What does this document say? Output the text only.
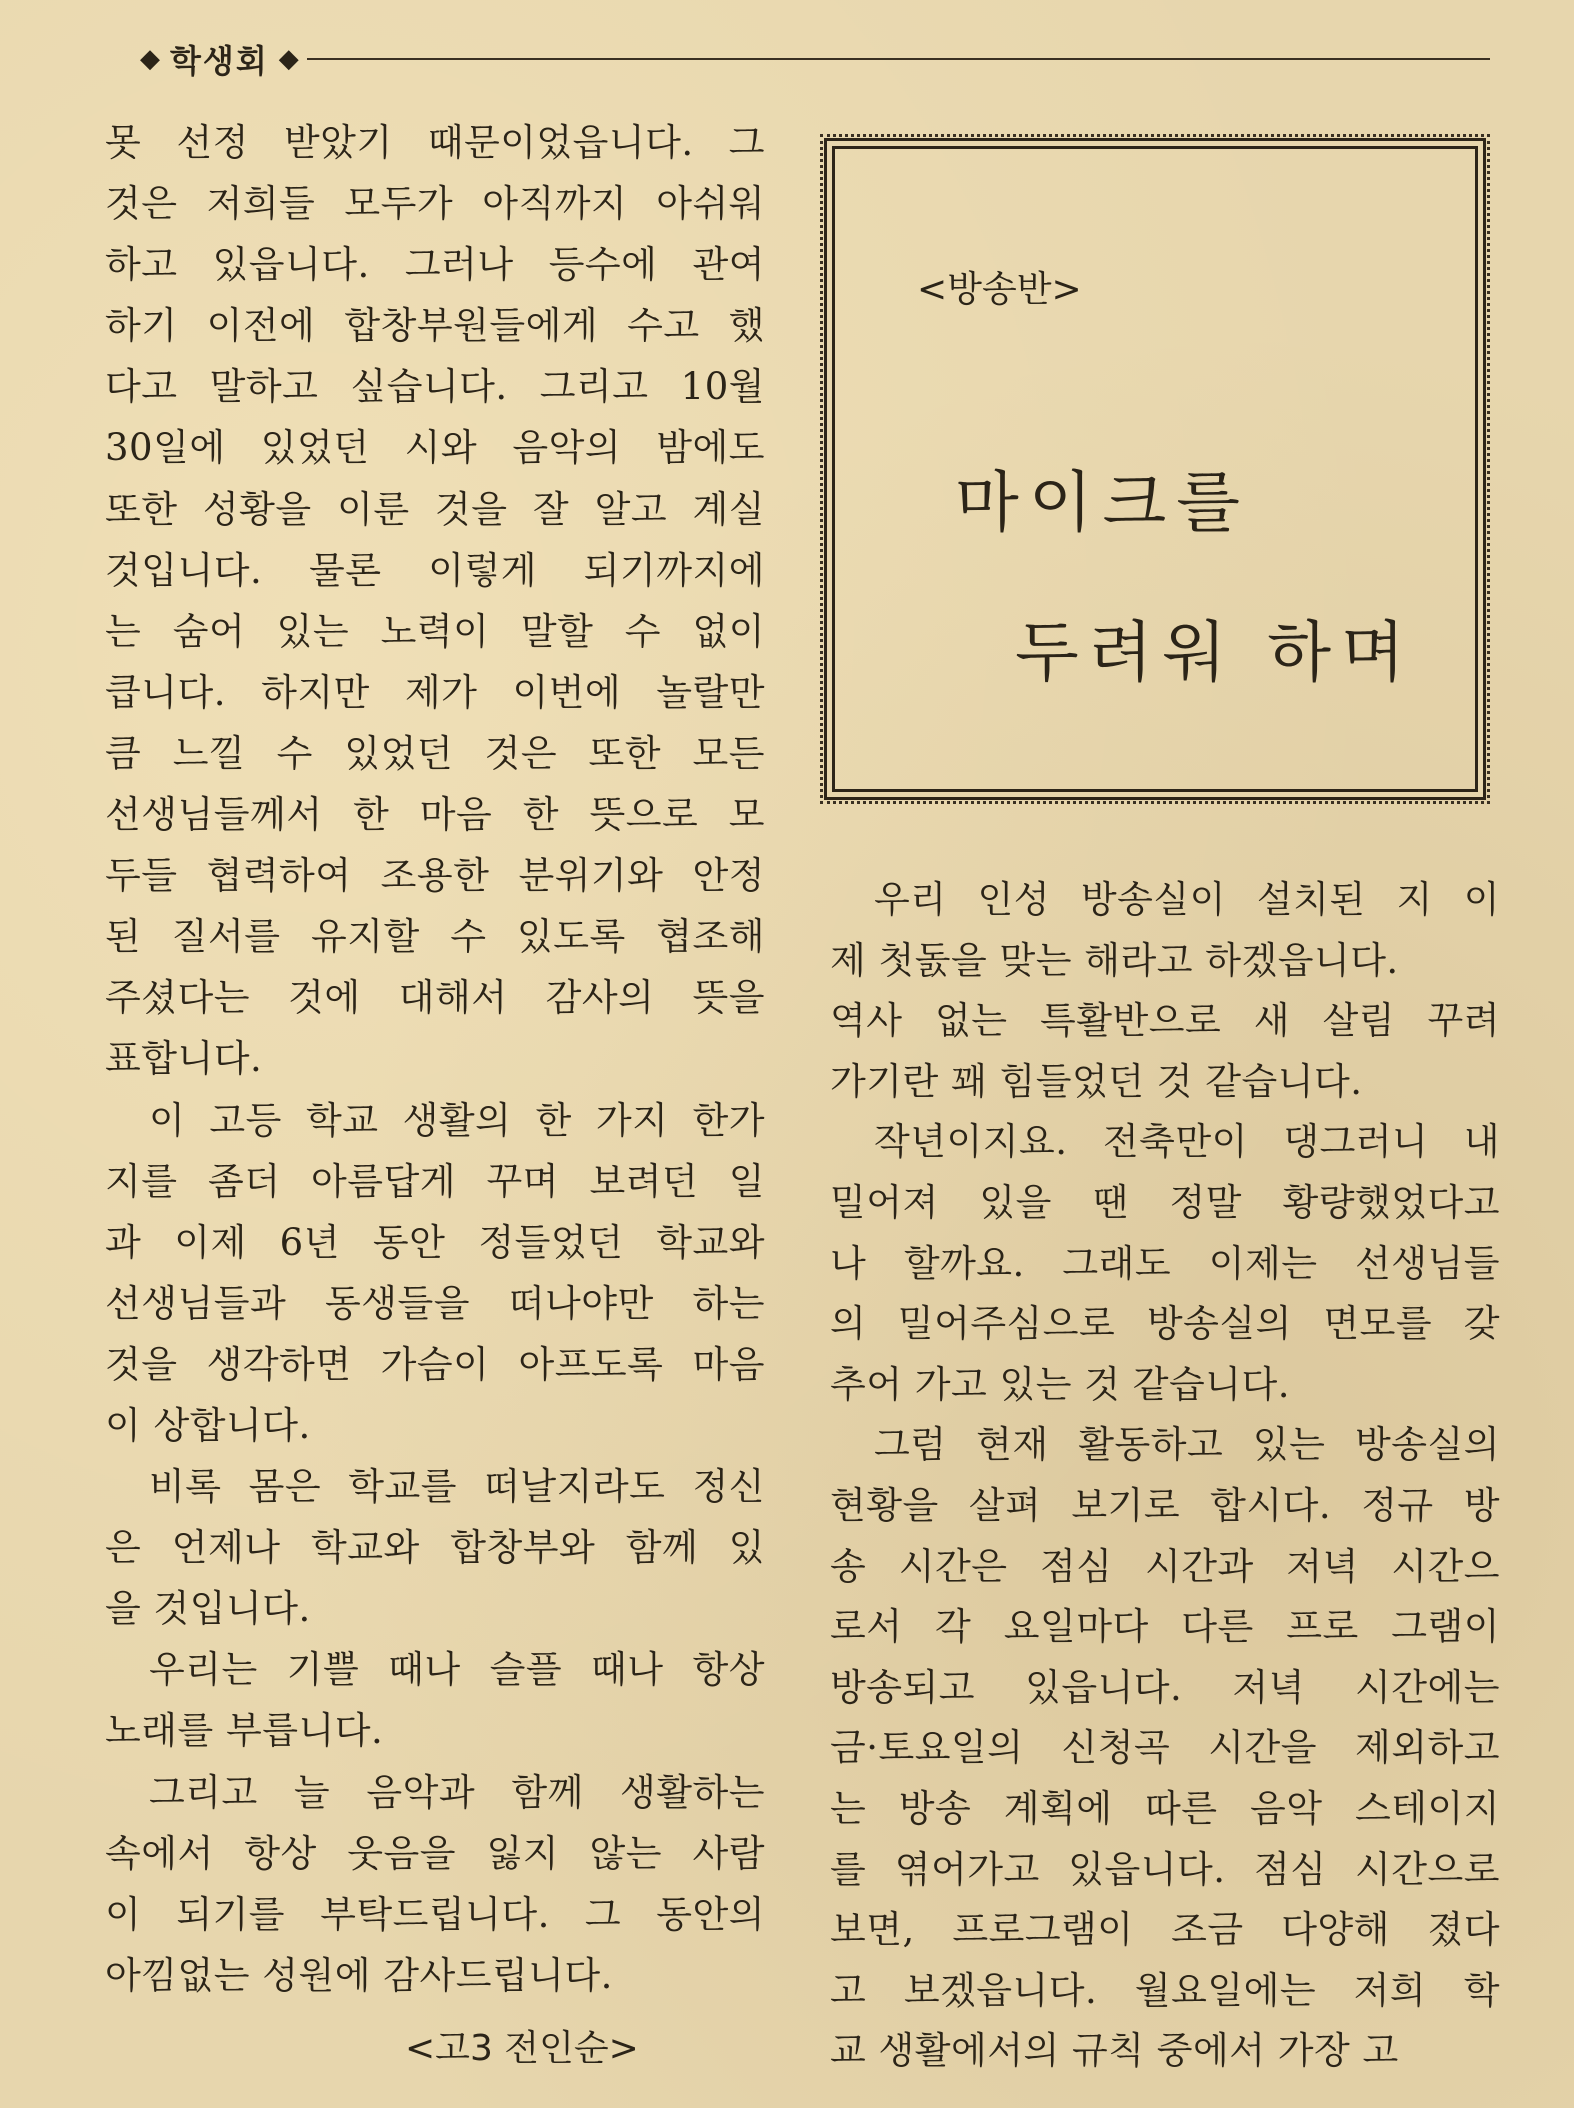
◆ 학생회 ◆
못 선정 받았기 때문이었읍니다. 그
것은 저희들 모두가 아직까지 아쉬워
하고 있읍니다. 그러나 등수에 관여
하기 이전에 합창부원들에게 수고 했
다고 말하고 싶습니다. 그리고 10월
30일에 있었던 시와 음악의 밤에도
또한 성황을 이룬 것을 잘 알고 계실
것입니다. 물론 이렇게 되기까지에
는 숨어 있는 노력이 말할 수 없이
큽니다. 하지만 제가 이번에 놀랄만
큼 느낄 수 있었던 것은 또한 모든
선생님들께서 한 마음 한 뜻으로 모
두들 협력하여 조용한 분위기와 안정
된 질서를 유지할 수 있도록 협조해
주셨다는 것에 대해서 감사의 뜻을
표합니다.
이 고등 학교 생활의 한 가지 한가
지를 좀더 아름답게 꾸며 보려던 일
과 이제 6년 동안 정들었던 학교와
선생님들과 동생들을 떠나야만 하는
것을 생각하면 가슴이 아프도록 마음
이 상합니다.
비록 몸은 학교를 떠날지라도 정신
은 언제나 학교와 합창부와 함께 있
을 것입니다.
우리는 기쁠 때나 슬플 때나 항상
노래를 부릅니다.
그리고 늘 음악과 함께 생활하는
속에서 항상 웃음을 잃지 않는 사람
이 되기를 부탁드립니다. 그 동안의
아낌없는 성원에 감사드립니다.
<고3 전인순>
<방송반>
마이크를
두려워 하며
우리 인성 방송실이 설치된 지 이
제 첫돐을 맞는 해라고 하겠읍니다.
역사 없는 특활반으로 새 살림 꾸려
가기란 꽤 힘들었던 것 같습니다.
작년이지요. 전축만이 댕그러니 내
밀어져 있을 땐 정말 황량했었다고
나 할까요. 그래도 이제는 선생님들
의 밀어주심으로 방송실의 면모를 갖
추어 가고 있는 것 같습니다.
그럼 현재 활동하고 있는 방송실의
현황을 살펴 보기로 합시다. 정규 방
송 시간은 점심 시간과 저녁 시간으
로서 각 요일마다 다른 프로 그램이
방송되고 있읍니다. 저녁 시간에는
금·토요일의 신청곡 시간을 제외하고
는 방송 계획에 따른 음악 스테이지
를 엮어가고 있읍니다. 점심 시간으로
보면, 프로그램이 조금 다양해 졌다
고 보겠읍니다. 월요일에는 저희 학
교 생활에서의 규칙 중에서 가장 고
